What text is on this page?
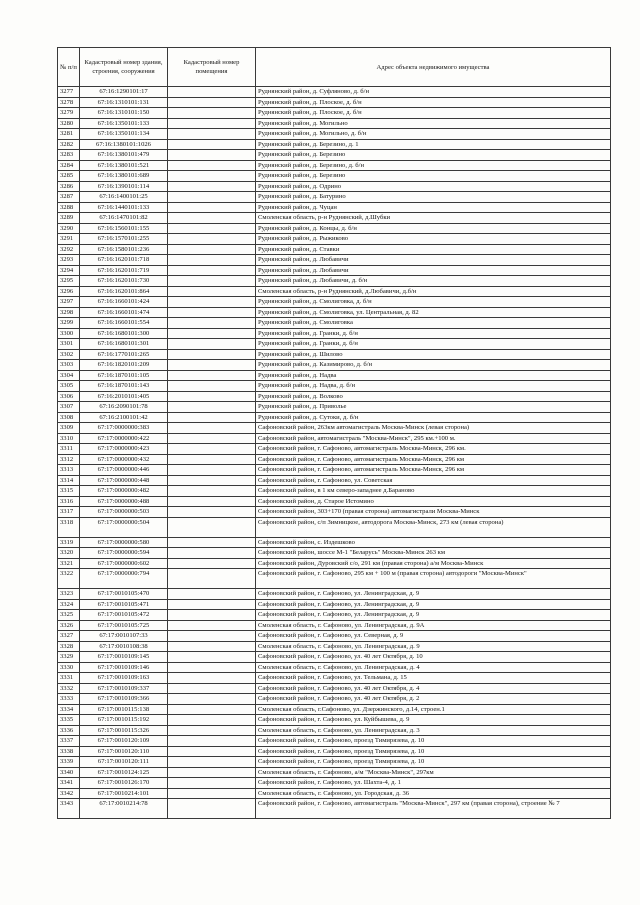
№ п/п	Кадастровый номер здания, строения, сооружения	Кадастровый номер помещения	Адрес объекта недвижимого имущества
3277	67:16:1290101:17		Руднянский район, д. Суфляново, д. б/н
3278	67:16:1310101:131		Руднянский район, д. Плоское, д. б/н
3279	67:16:1310101:150		Руднянский район, д. Плоское, д. б/н
3280	67:16:1350101:133		Руднянский район, д. Могильно
3281	67:16:1350101:134		Руднянский район, д. Могильно, д. б/н
3282	67:16:1380101:1026		Руднянский район, д. Березино, д. 1
3283	67:16:1380101:479		Руднянский район, д. Березино
3284	67:16:1380101:521		Руднянский район, д. Березино, д. б/н
3285	67:16:1380101:689		Руднянский район, д. Березино
3286	67:16:1390101:114		Руднянский район, д. Одрино
3287	67:16:1400101:25		Руднянский район, д. Батурино
3288	67:16:1440101:133		Руднянский район, д. Чуцан
3289	67:16:1470101:82		Смоленская область, р-н Руднянский, д.Шубки
3290	67:16:1560101:155		Руднянский район, д. Концы, д. б/н
3291	67:16:1570101:255		Руднянский район, д. Рыжиково
3292	67:16:1580101:236		Руднянский район, д. Ставки
3293	67:16:1620101:718		Руднянский район, д. Любавичи
3294	67:16:1620101:719		Руднянский район, д. Любавичи
3295	67:16:1620101:730		Руднянский район, д. Любавичи, д. б/н
3296	67:16:1620101:864		Смоленская область, р-н Руднянский, д.Любавичи, д.б/н
3297	67:16:1660101:424		Руднянский район, д. Смолиговка, д. б/н
3298	67:16:1660101:474		Руднянский район, д. Смолиговка, ул. Центральная, д. 82
3299	67:16:1660101:554		Руднянский район, д. Смолиговка
3300	67:16:1680101:300		Руднянский район, д. Гранки, д. б/н
3301	67:16:1680101:301		Руднянский район, д. Гранки, д. б/н
3302	67:16:1770101:265		Руднянский район, д. Шилово
3303	67:16:1820101:209		Руднянский район, д. Казимирово, д. б/н
3304	67:16:1870101:105		Руднянский район, д. Надва
3305	67:16:1870101:143		Руднянский район, д. Надва, д. б/н
3306	67:16:2010101:405		Руднянский район, д. Волково
3307	67:16:2090101:78		Руднянский район, д. Приволье
3308	67:16:2100101:42		Руднянский район, д. Сутоки, д. б/н
3309	67:17:0000000:383		Сафоновский район, 263км автомагистраль Москва-Минск (левая сторона)
3310	67:17:0000000:422		Сафоновский район, автомагистраль "Москва-Минск", 295 км.+100 м.
3311	67:17:0000000:423		Сафоновский район, г. Сафоново, автомагистраль Москва-Минск, 296 км.
3312	67:17:0000000:432		Сафоновский район, г. Сафоново, автомагистраль Москва-Минск, 296 км
3313	67:17:0000000:446		Сафоновский район, г. Сафоново, автомагистраль Москва-Минск, 296 км
3314	67:17:0000000:448		Сафоновский район, г. Сафоново, ул. Советская
3315	67:17:0000000:482		Сафоновский район, в 1 км северо-западнее д.Бараново
3316	67:17:0000000:488		Сафоновский район, д. Старое Истомино
3317	67:17:0000000:503		Сафоновский район, 303+170 (правая сторона) автомагистрали Москва-Минск
3318	67:17:0000000:504		Сафоновский район, с/п Зимницкое, автодорога Москва-Минск, 273 км (левая сторона)
3319	67:17:0000000:580		Сафоновский район, с. Издешково
3320	67:17:0000000:594		Сафоновский район, шоссе М-1 "Беларусь" Москва-Минск 263 км
3321	67:17:0000000:602		Сафоновский район, Дуровский с/о, 291 км (правая сторона) а/м Москва-Минск
3322	67:17:0000000:794		Сафоновский район, г. Сафоново, 295 км + 100 м (правая сторона) автодороги "Москва-Минск"
3323	67:17:0010105:470		Сафоновский район, г. Сафоново, ул. Ленинградская, д. 9
3324	67:17:0010105:471		Сафоновский район, г. Сафоново, ул. Ленинградская, д. 9
3325	67:17:0010105:472		Сафоновский район, г. Сафоново, ул. Ленинградская, д. 9
3326	67:17:0010105:725		Смоленская область, г. Сафоново, ул. Ленинградская, д. 9А
3327	67:17:0010107:33		Сафоновский район, г. Сафоново, ул. Северная, д. 9
3328	67:17:0010108:38		Смоленская область, г. Сафоново, ул. Ленинградская, д. 9
3329	67:17:0010109:145		Сафоновский район, г. Сафоново, ул. 40 лет Октября, д. 10
3330	67:17:0010109:146		Смоленская область, г. Сафоново, ул. Ленинградская, д. 4
3331	67:17:0010109:163		Сафоновский район, г. Сафоново, ул. Тельмана, д. 15
3332	67:17:0010109:337		Сафоновский район, г. Сафоново, ул. 40 лет Октября, д. 4
3333	67:17:0010109:366		Сафоновский район, г. Сафоново, ул. 40 лет Октября, д. 2
3334	67:17:0010115:138		Смоленская область, г.Сафоново, ул. Дзержинского, д.14, строен.1
3335	67:17:0010115:192		Сафоновский район, г. Сафоново, ул. Куйбышева, д. 9
3336	67:17:0010115:326		Смоленская область, г. Сафоново, ул. Ленинградская, д. 3
3337	67:17:0010120:109		Сафоновский район, г. Сафоново, проезд Тимирязева, д. 10
3338	67:17:0010120:110		Сафоновский район, г. Сафоново, проезд Тимирязева, д. 10
3339	67:17:0010120:111		Сафоновский район, г. Сафоново, проезд Тимирязева, д. 10
3340	67:17:0010124:125		Смоленская область, г. Сафоново, а/м "Москва-Минск", 297км
3341	67:17:0010126:170		Сафоновский район, г. Сафоново, ул. Шахта-4, д. 1
3342	67:17:0010214:101		Смоленская область, г. Сафоново, ул. Городская, д. 36
3343	67:17:0010214:78		Сафоновский район, г. Сафоново, автомагистраль "Москва-Минск", 297 км (правая сторона), строение № 7
